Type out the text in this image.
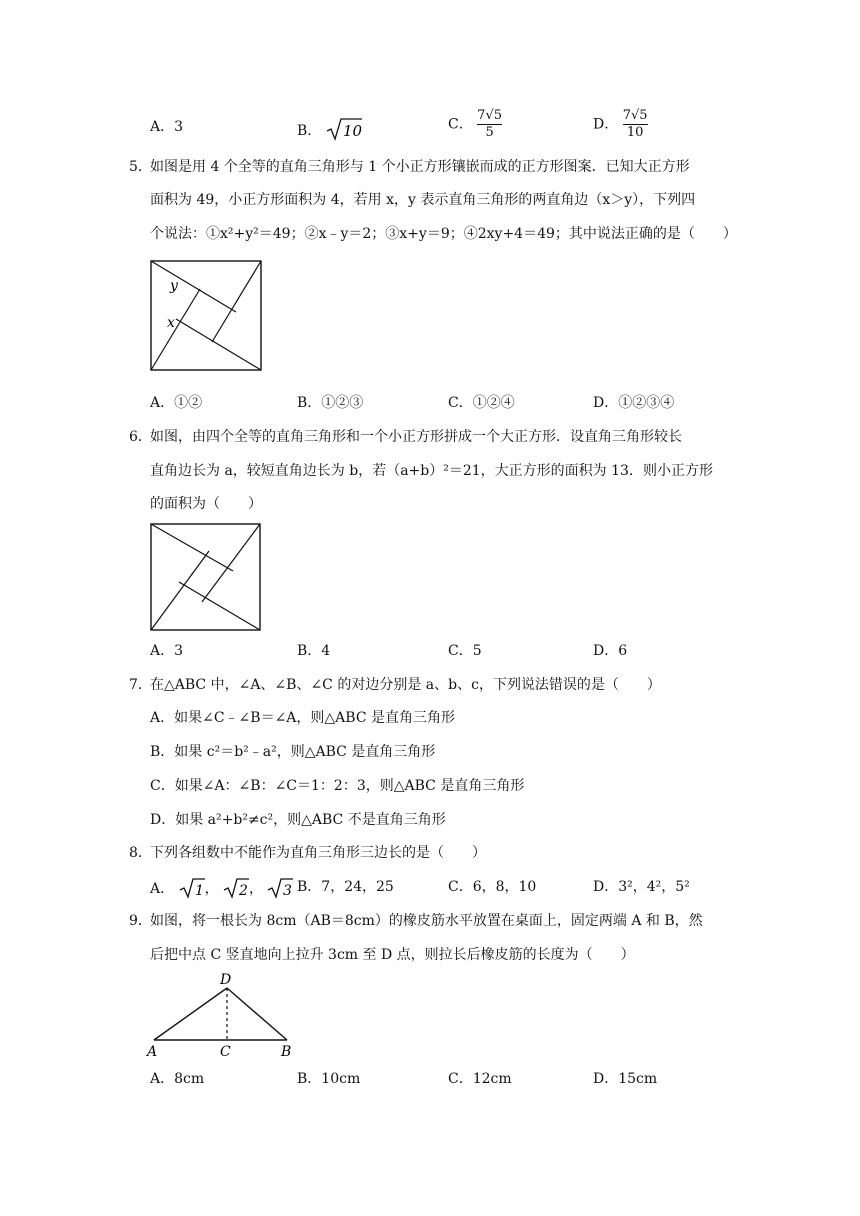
A．3	B． 10	C． $\frac{7√5}{5}$	D． $\frac{7√5}{10}$
5．
如图是用 4 个全等的直角三角形与 1 个小正方形镶嵌而成的正方形图案．已知大正方形
面积为 49，小正方形面积为 4，若用 x，y 表示直角三角形的两直角边（x＞y），下列四
个说法：①x²+y²＝49；②x﹣y＝2；③x+y＝9；④2xy+4＝49；其中说法正确的是（　　）
y
x
A．①②	B．①②③	C．①②④	D．①②③④
6．
如图，由四个全等的直角三角形和一个小正方形拼成一个大正方形．设直角三角形较长
直角边长为 a，较短直角边长为 b，若（a+b）²＝21，大正方形的面积为 13．则小正方形
的面积为（　　）
A．3	B．4	C．5	D．6
7．
在△ABC 中，∠A、∠B、∠C 的对边分别是 a、b、c，下列说法错误的是（　　）
A．如果∠C﹣∠B＝∠A，则△ABC 是直角三角形
B．如果 c²＝b²﹣a²，则△ABC 是直角三角形
C．如果∠A：∠B：∠C＝1：2：3，则△ABC 是直角三角形
D．如果 a²+b²≠c²，则△ABC 不是直角三角形
8．
下列各组数中不能作为直角三角形三边长的是（　　）
A． 1 ， 2 ， 3 B．7，24，25	C．6，8，10	D．3²，4²，5²
9．
如图，将一根长为 8cm（AB＝8cm）的橡皮筋水平放置在桌面上，固定两端 A 和 B，然
后把中点 C 竖直地向上拉升 3cm 至 D 点，则拉长后橡皮筋的长度为（　　）
D
A	C	B
A．8cm	B．10cm	C．12cm	D．15cm
